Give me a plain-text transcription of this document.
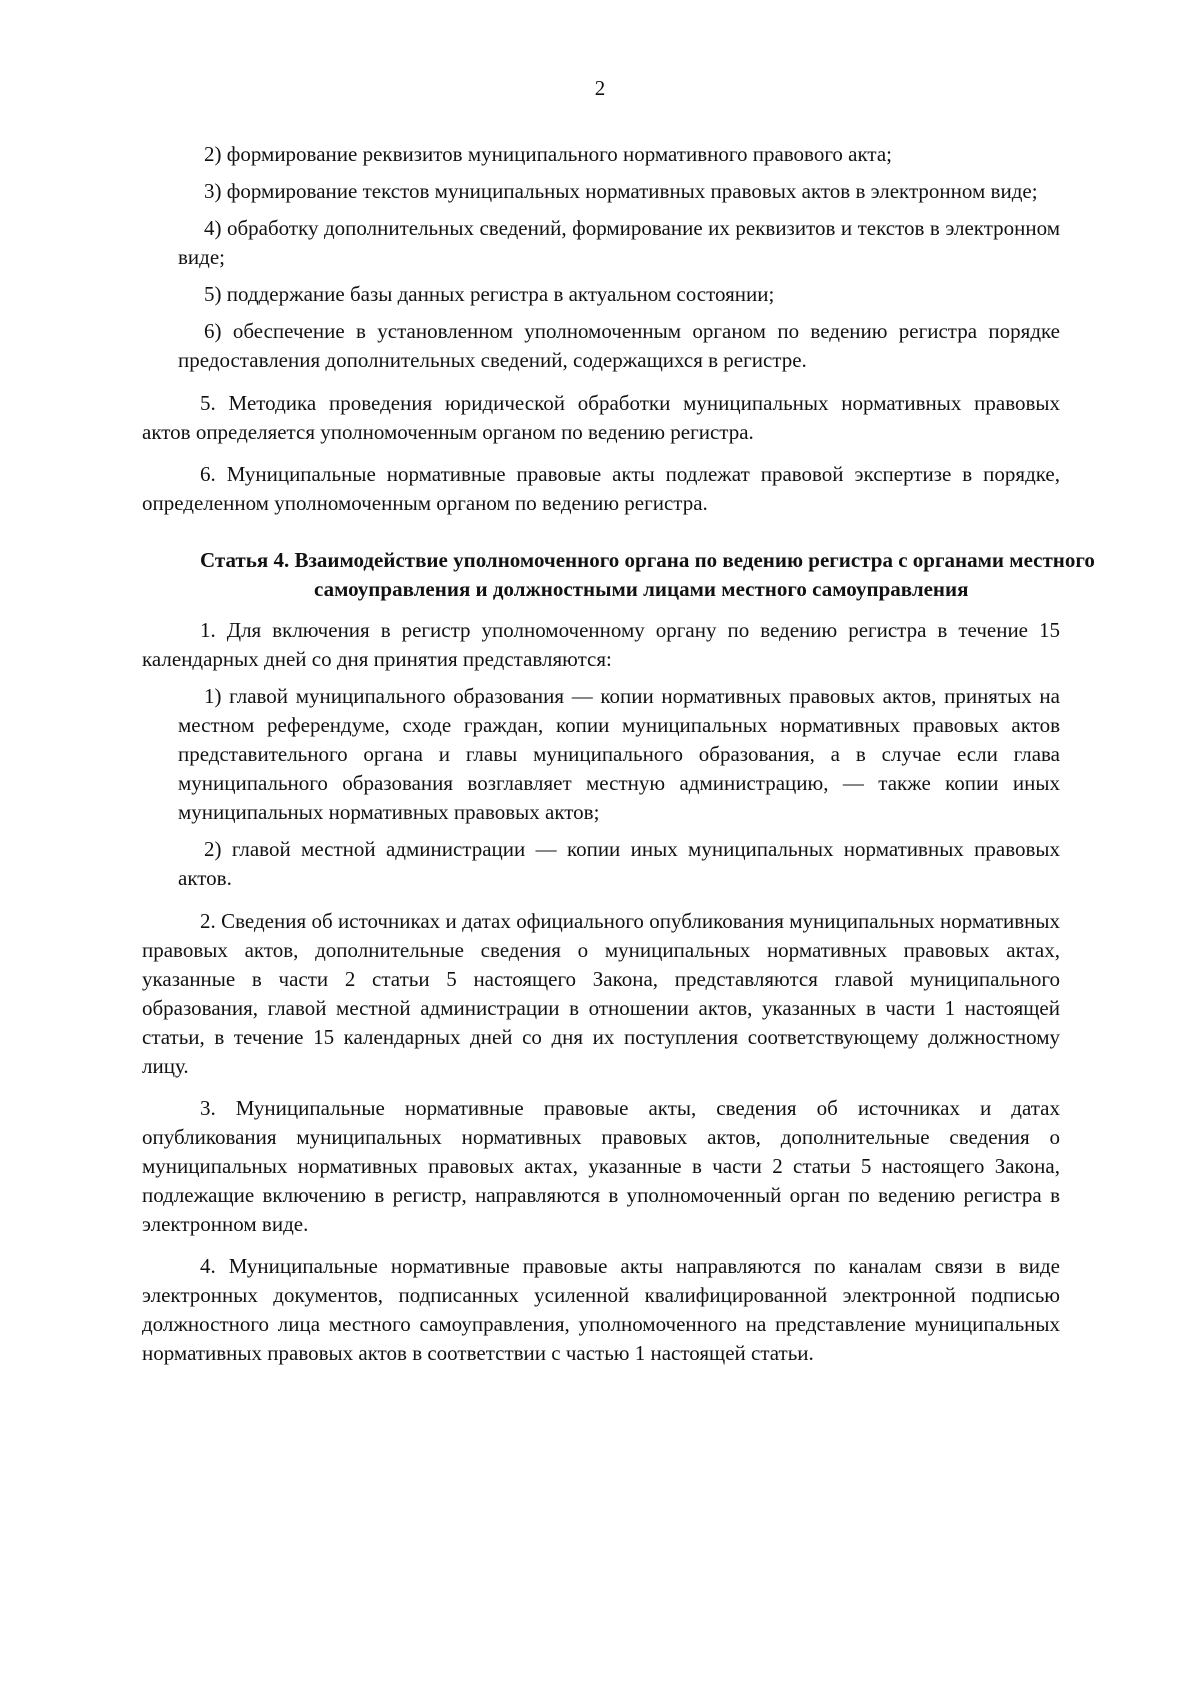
2

2) формирование реквизитов муниципального нормативного правового акта;

3) формирование текстов муниципальных нормативных правовых актов в электронном виде;

4) обработку дополнительных сведений, формирование их реквизитов и текстов в электронном виде;

5) поддержание базы данных регистра в актуальном состоянии;

6) обеспечение в установленном уполномоченным органом по ведению регистра порядке предоставления дополнительных сведений, содержащихся в регистре.

5. Методика проведения юридической обработки муниципальных нормативных правовых актов определяется уполномоченным органом по ведению регистра.

6. Муниципальные нормативные правовые акты подлежат правовой экспертизе в порядке, определенном уполномоченным органом по ведению регистра.

Статья 4. Взаимодействие уполномоченного органа по ведению регистра с органами местного самоуправления и должностными лицами местного самоуправления

1. Для включения в регистр уполномоченному органу по ведению регистра в течение 15 календарных дней со дня принятия представляются:

1) главой муниципального образования — копии нормативных правовых актов, принятых на местном референдуме, сходе граждан, копии муниципальных нормативных правовых актов представительного органа и главы муниципального образования, а в случае если глава муниципального образования возглавляет местную администрацию, — также копии иных муниципальных нормативных правовых актов;

2) главой местной администрации — копии иных муниципальных нормативных правовых актов.

2. Сведения об источниках и датах официального опубликования муниципальных нормативных правовых актов, дополнительные сведения о муниципальных нормативных правовых актах, указанные в части 2 статьи 5 настоящего Закона, представляются главой муниципального образования, главой местной администрации в отношении актов, указанных в части 1 настоящей статьи, в течение 15 календарных дней со дня их поступления соответствующему должностному лицу.

3. Муниципальные нормативные правовые акты, сведения об источниках и датах опубликования муниципальных нормативных правовых актов, дополнительные сведения о муниципальных нормативных правовых актах, указанные в части 2 статьи 5 настоящего Закона, подлежащие включению в регистр, направляются в уполномоченный орган по ведению регистра в электронном виде.

4. Муниципальные нормативные правовые акты направляются по каналам связи в виде электронных документов, подписанных усиленной квалифицированной электронной подписью должностного лица местного самоуправления, уполномоченного на представление муниципальных нормативных правовых актов в соответствии с частью 1 настоящей статьи.
